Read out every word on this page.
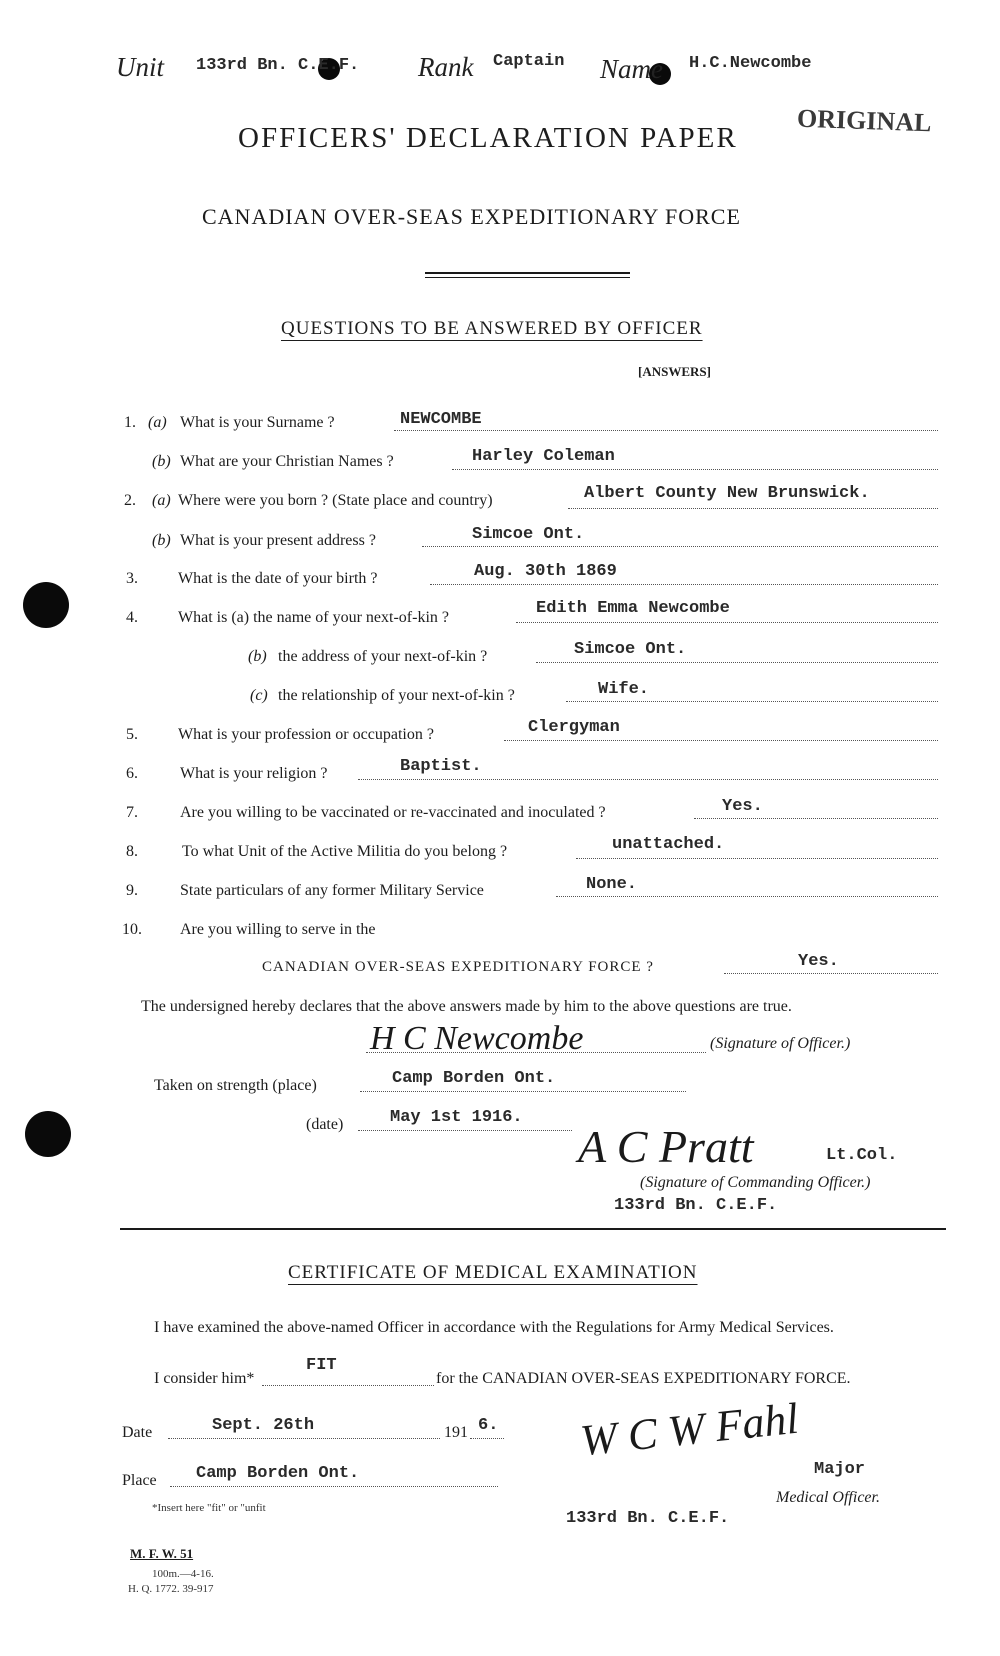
Unit 133rd Bn. C.E.F. Rank Captain Name H.C.Newcombe
ORIGINAL
OFFICERS' DECLARATION PAPER
CANADIAN OVER-SEAS EXPEDITIONARY FORCE
QUESTIONS TO BE ANSWERED BY OFFICER
[ANSWERS]
1. (a) What is your Surname ?	NEWCOMBE
(b) What are your Christian Names ?	Harley Coleman
2. (a) Where were you born ? (State place and country)	Albert County New Brunswick.
(b) What is your present address ?	Simcoe Ont.
3.	What is the date of your birth ?	Aug. 30th 1869
4.	What is (a) the name of your next-of-kin ?	Edith Emma Newcombe
(b) the address of your next-of-kin ?	Simcoe Ont.
(c) the relationship of your next-of-kin ?	Wife.
5.	What is your profession or occupation ?	Clergyman
6.	What is your religion ?	Baptist.
7.	Are you willing to be vaccinated or re-vaccinated and inoculated ?	Yes.
8.	To what Unit of the Active Militia do you belong ?	unattached.
9.	State particulars of any former Military Service	None.
10. Are you willing to serve in the
CANADIAN OVER-SEAS EXPEDITIONARY FORCE ?	Yes.
The undersigned hereby declares that the above answers made by him to the above questions are true.
H C Newcombe	(Signature of Officer.)
Taken on strength (place)	Camp Borden Ont.
(date)	May 1st 1916.
A C Pratt	Lt.Col.
(Signature of Commanding Officer.)
133rd Bn. C.E.F.
CERTIFICATE OF MEDICAL EXAMINATION
I have examined the above-named Officer in accordance with the Regulations for Army Medical Services.
I consider him*
FIT
for the CANADIAN OVER-SEAS EXPEDITIONARY FORCE.
Date	Sept. 26th	191 6.
Place Camp Borden Ont.
*Insert here "fit" or "unfit
W C W Fahl
Major
Medical Officer.
133rd Bn. C.E.F.
M. F. W. 51
100m.—4-16.
H. Q. 1772. 39-917
